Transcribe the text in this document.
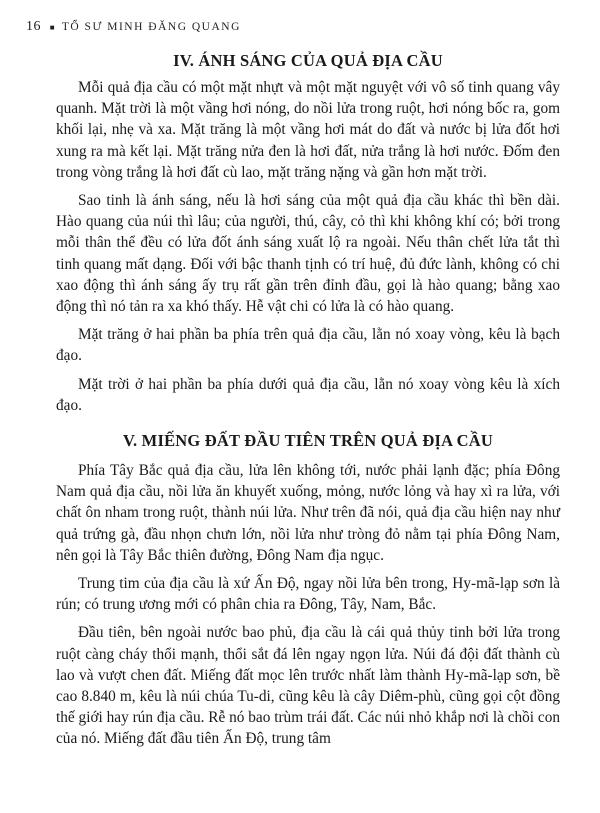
16 ■ TỔ SƯ MINH ĐĂNG QUANG
IV. ÁNH SÁNG CỦA QUẢ ĐỊA CẦU

Mỗi quả địa cầu có một mặt nhựt và một mặt nguyệt với vô số tinh quang vây quanh. Mặt trời là một vầng hơi nóng, do nồi lửa trong ruột, hơi nóng bốc ra, gom khối lại, nhẹ và xa. Mặt trăng là một vầng hơi mát do đất và nước bị lửa đốt hơi xung ra mà kết lại. Mặt trăng nửa đen là hơi đất, nửa trắng là hơi nước. Đốm đen trong vòng trắng là hơi đất cù lao, mặt trăng nặng và gần hơn mặt trời.

Sao tinh là ánh sáng, nếu là hơi sáng của một quả địa cầu khác thì bền dài. Hào quang của núi thì lâu; của người, thú, cây, cỏ thì khi không khí có; bởi trong mỗi thân thể đều có lửa đốt ánh sáng xuất lộ ra ngoài. Nếu thân chết lửa tắt thì tinh quang mất dạng. Đối với bậc thanh tịnh có trí huệ, đủ đức lành, không có chi xao động thì ánh sáng ấy trụ rất gần trên đỉnh đầu, gọi là hào quang; bằng xao động thì nó tản ra xa khó thấy. Hễ vật chi có lửa là có hào quang.

Mặt trăng ở hai phần ba phía trên quả địa cầu, lằn nó xoay vòng, kêu là bạch đạo.

Mặt trời ở hai phần ba phía dưới quả địa cầu, lằn nó xoay vòng kêu là xích đạo.

V. MIẾNG ĐẤT ĐẦU TIÊN TRÊN QUẢ ĐỊA CẦU

Phía Tây Bắc quả địa cầu, lửa lên không tới, nước phải lạnh đặc; phía Đông Nam quả địa cầu, nồi lửa ăn khuyết xuống, mỏng, nước lỏng và hay xì ra lửa, với chất ôn nham trong ruột, thành núi lửa. Như trên đã nói, quả địa cầu hiện nay như quả trứng gà, đầu nhọn chưn lớn, nồi lửa như tròng đỏ nằm tại phía Đông Nam, nên gọi là Tây Bắc thiên đường, Đông Nam địa ngục.

Trung tim của địa cầu là xứ Ấn Độ, ngay nồi lửa bên trong, Hy-mã-lạp sơn là rún; có trung ương mới có phân chia ra Đông, Tây, Nam, Bắc.

Đầu tiên, bên ngoài nước bao phủ, địa cầu là cái quả thủy tinh bởi lửa trong ruột càng cháy thổi mạnh, thổi sắt đá lên ngay ngọn lửa. Núi đá đội đất thành cù lao và vượt chen đất. Miếng đất mọc lên trước nhất làm thành Hy-mã-lạp sơn, bề cao 8.840 m, kêu là núi chúa Tu-di, cũng kêu là cây Diêm-phù, cũng gọi cột đồng thế giới hay rún địa cầu. Rễ nó bao trùm trái đất. Các núi nhỏ khắp nơi là chồi con của nó. Miếng đất đầu tiên Ấn Độ, trung tâm
